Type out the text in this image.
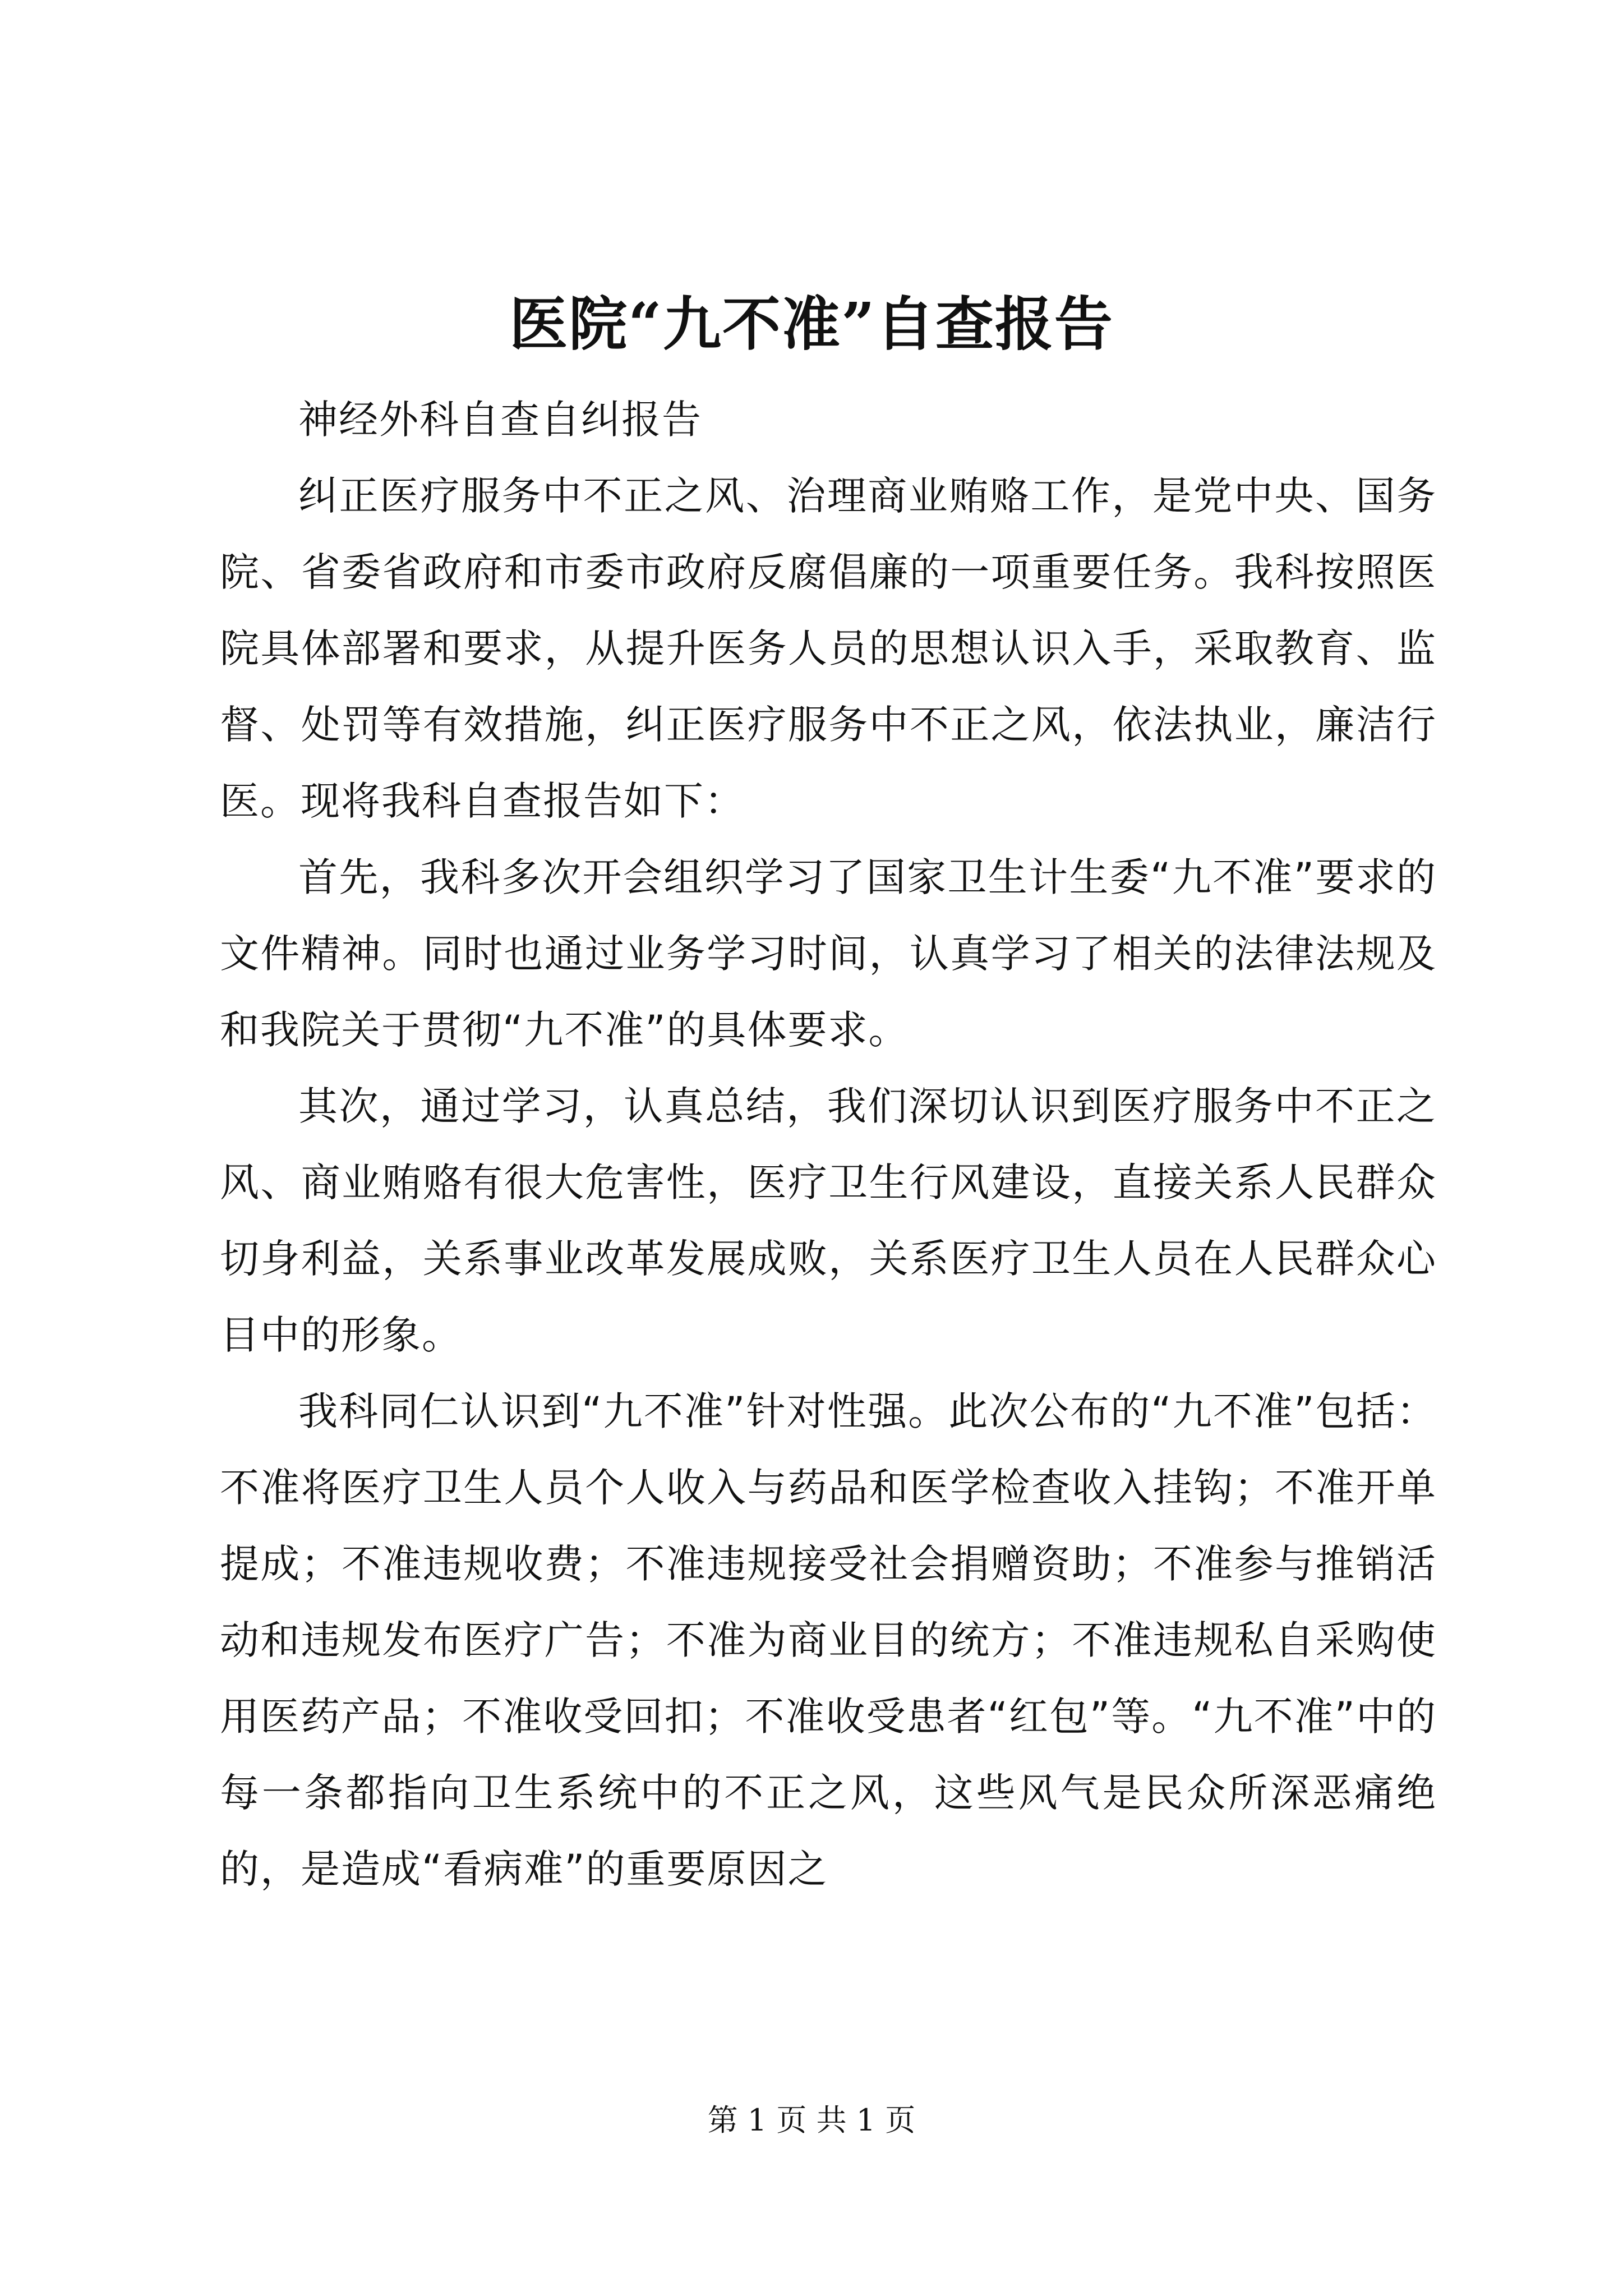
医院“九不准”自查报告

神经外科自查自纠报告

纠正医疗服务中不正之风、治理商业贿赂工作，是党中央、国务院、省委省政府和市委市政府反腐倡廉的一项重要任务。我科按照医院具体部署和要求，从提升医务人员的思想认识入手，采取教育、监督、处罚等有效措施，纠正医疗服务中不正之风，依法执业，廉洁行医。现将我科自查报告如下：

首先，我科多次开会组织学习了国家卫生计生委“九不准”要求的文件精神。同时也通过业务学习时间，认真学习了相关的法律法规及和我院关于贯彻“九不准”的具体要求。

其次，通过学习，认真总结，我们深切认识到医疗服务中不正之风、商业贿赂有很大危害性，医疗卫生行风建设，直接关系人民群众切身利益，关系事业改革发展成败，关系医疗卫生人员在人民群众心目中的形象。

我科同仁认识到“九不准”针对性强。此次公布的“九不准”包括：不准将医疗卫生人员个人收入与药品和医学检查收入挂钩；不准开单提成；不准违规收费；不准违规接受社会捐赠资助；不准参与推销活动和违规发布医疗广告；不准为商业目的统方；不准违规私自采购使用医药产品；不准收受回扣；不准收受患者“红包”等。“九不准”中的每一条都指向卫生系统中的不正之风，这些风气是民众所深恶痛绝的，是造成“看病难”的重要原因之

第 1 页 共 1 页
